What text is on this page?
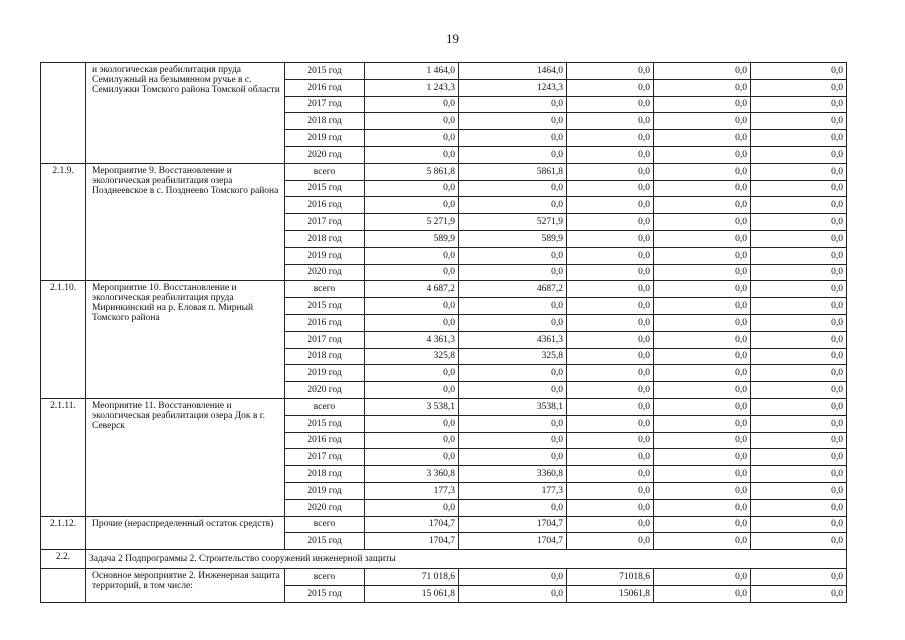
19
	и экологическая реабилитация пруда Семилужный на безымянном ручье в с. Семилужки Томского района Томской области	2015 год	1 464,0	1464,0	0,0	0,0	0,0
		2016 год	1 243,3	1243,3	0,0	0,0	0,0
		2017 год	0,0	0,0	0,0	0,0	0,0
		2018 год	0,0	0,0	0,0	0,0	0,0
		2019 год	0,0	0,0	0,0	0,0	0,0
		2020 год	0,0	0,0	0,0	0,0	0,0
2.1.9.	Мероприятие 9. Восстановление и экологическая реабилитация озера Позднеевское в с. Позднеево Томского района	всего	5 861,8	5861,8	0,0	0,0	0,0
		2015 год	0,0	0,0	0,0	0,0	0,0
		2016 год	0,0	0,0	0,0	0,0	0,0
		2017 год	5 271,9	5271,9	0,0	0,0	0,0
		2018 год	589,9	589,9	0,0	0,0	0,0
		2019 год	0,0	0,0	0,0	0,0	0,0
		2020 год	0,0	0,0	0,0	0,0	0,0
2.1.10.	Мероприятие 10. Восстановление и экологическая реабилитация пруда Миринкинский на р. Еловая п. Мирный Томского района	всего	4 687,2	4687,2	0,0	0,0	0,0
		2015 год	0,0	0,0	0,0	0,0	0,0
		2016 год	0,0	0,0	0,0	0,0	0,0
		2017 год	4 361,3	4361,3	0,0	0,0	0,0
		2018 год	325,8	325,8	0,0	0,0	0,0
		2019 год	0,0	0,0	0,0	0,0	0,0
		2020 год	0,0	0,0	0,0	0,0	0,0
2.1.11.	Меоприятие 11. Восстановление и экологическая реабилитация озера Док в г. Северск	всего	3 538,1	3538,1	0,0	0,0	0,0
		2015 год	0,0	0,0	0,0	0,0	0,0
		2016 год	0,0	0,0	0,0	0,0	0,0
		2017 год	0,0	0,0	0,0	0,0	0,0
		2018 год	3 360,8	3360,8	0,0	0,0	0,0
		2019 год	177,3	177,3	0,0	0,0	0,0
		2020 год	0,0	0,0	0,0	0,0	0,0
2.1.12.	Прочие (нераспределенный остаток средств)	всего	1704,7	1704,7	0,0	0,0	0,0
		2015 год	1704,7	1704,7	0,0	0,0	0,0
2.2.	Задача 2 Подпрограммы 2. Строительство сооружений инженерной защиты						
	Основное мероприятие 2. Инженерная защита территорий, в том числе:	всего	71 018,6	0,0	71018,6	0,0	0,0
		2015 год	15 061,8	0,0	15061,8	0,0	0,0
